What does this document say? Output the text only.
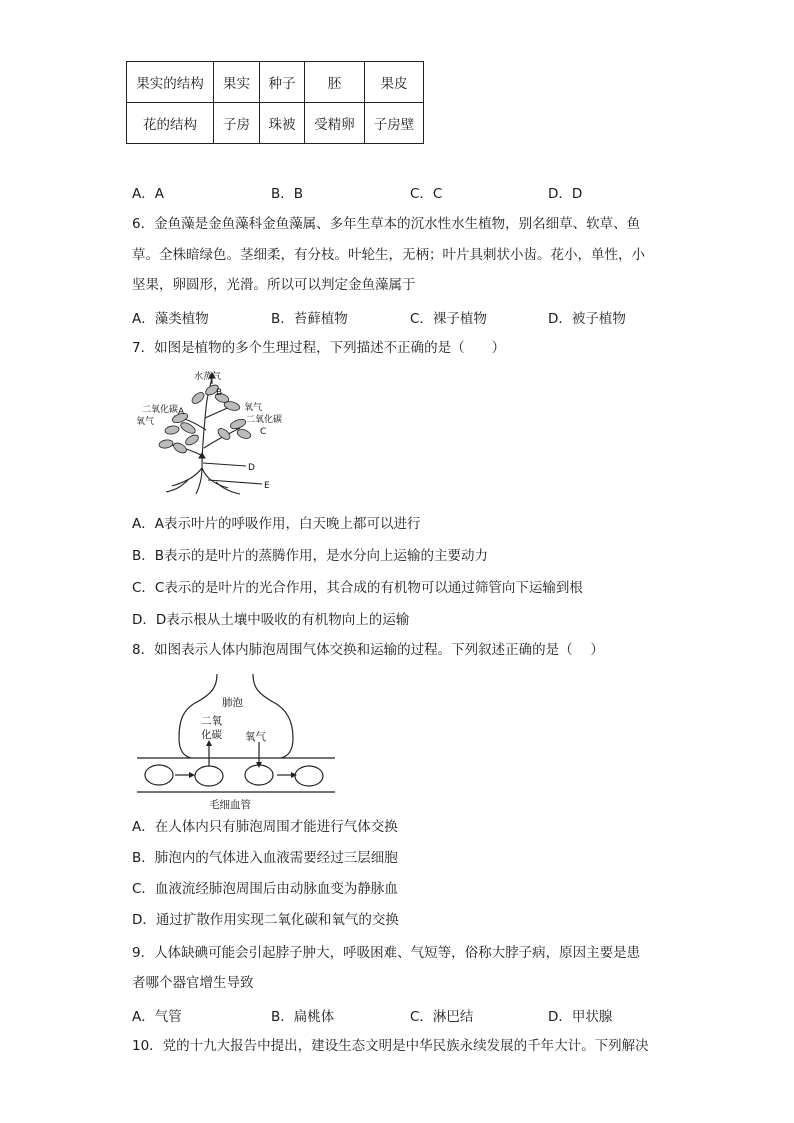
果实的结构	果实	种子	胚	果皮
花的结构	子房	珠被	受精卵	子房壁
A．A	B．B	C．C	D．D
6．金鱼藻是金鱼藻科金鱼藻属、多年生草本的沉水性水生植物，别名细草、软草、鱼
草。全株暗绿色。茎细柔，有分枝。叶轮生，无柄；叶片具刺状小齿。花小，单性，小
坚果，卵圆形，光滑。所以可以判定金鱼藻属于
A．藻类植物	B．苔藓植物	C．裸子植物	D．被子植物
7．如图是植物的多个生理过程，下列描述不正确的是（　　）
水蒸气
B
二氧化碳 A
氧气
氧气
二氧化碳
C
D
E
A．A表示叶片的呼吸作用，白天晚上都可以进行
B．B表示的是叶片的蒸腾作用，是水分向上运输的主要动力
C．C表示的是叶片的光合作用，其合成的有机物可以通过筛管向下运输到根
D．D表示根从土壤中吸收的有机物向上的运输
8．如图表示人体内肺泡周围气体交换和运输的过程。下列叙述正确的是（　 ）
肺泡
二氧
化碳 氧气
毛细血管
A．在人体内只有肺泡周围才能进行气体交换
B．肺泡内的气体进入血液需要经过三层细胞
C．血液流经肺泡周围后由动脉血变为静脉血
D．通过扩散作用实现二氧化碳和氧气的交换
9．人体缺碘可能会引起脖子肿大，呼吸困难、气短等，俗称大脖子病，原因主要是患
者哪个器官增生导致
A．气管	B．扁桃体	C．淋巴结	D．甲状腺
10．党的十九大报告中提出，建设生态文明是中华民族永续发展的千年大计。下列解决
